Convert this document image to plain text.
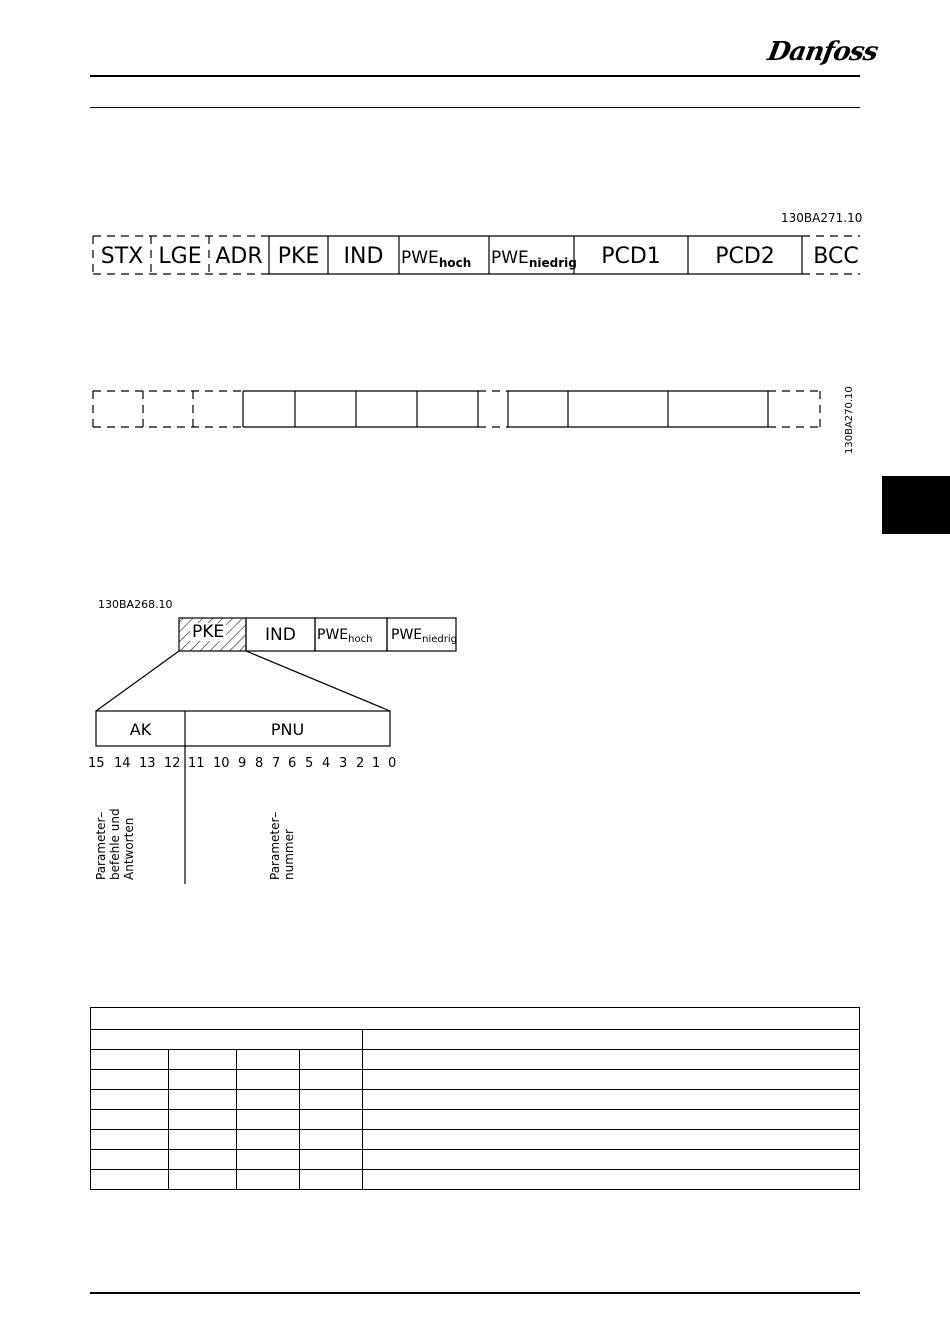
Danfoss
130BA271.10
STX LGE ADR PKE	IND	$PWE_{hoch}$ $PWE_{niedrig}$	PCD1	PCD2	BCC
130BA270.10
130BA268.10
PKE IND $PWE_{hoch}$ $PWE_{niedrig}$
AK	PNU
15 14 13 12 11 10 9 8 7 6 5 4 3 2 1 0
Parameter– befehle und Antworten	Parameter– nummer
